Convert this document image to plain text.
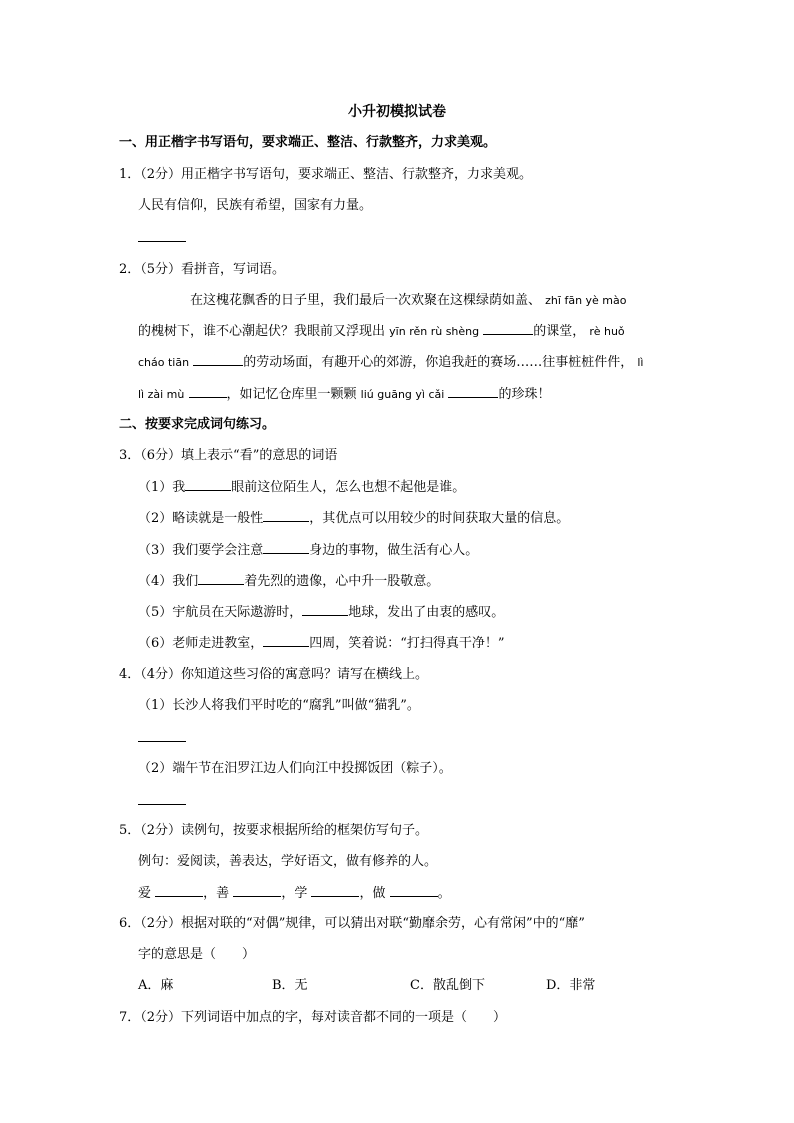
小升初模拟试卷
一、用正楷字书写语句，要求端正、整洁、行款整齐，力求美观。
1．（2分）用正楷字书写语句，要求端正、整洁、行款整齐，力求美观。
人民有信仰，民族有希望，国家有力量。
2．（5分）看拼音，写词语。
在这槐花飘香的日子里，我们最后一次欢聚在这棵绿荫如盖、 zhī fān yè mào
的槐树下，谁不心潮起伏？我眼前又浮现出 yīn rěn rù shèng	的课堂， rè huǒ
cháo tiān	的劳动场面，有趣开心的郊游，你追我赶的赛场……往事桩桩件件， lì
lì zài mù	，如记忆仓库里一颗颗 liú guāng yì cǎi	的珍珠！
二、按要求完成词句练习。
3．（6分）填上表示“看”的意思的词语
（1）我	眼前这位陌生人，怎么也想不起他是谁。
（2）略读就是一般性	，其优点可以用较少的时间获取大量的信息。
（3）我们要学会注意	身边的事物，做生活有心人。
（4）我们	着先烈的遗像，心中升一股敬意。
（5）宇航员在天际遨游时，	地球，发出了由衷的感叹。
（6）老师走进教室，	四周，笑着说：“打扫得真干净！”
4．（4分）你知道这些习俗的寓意吗？请写在横线上。
（1）长沙人将我们平时吃的“腐乳”叫做“猫乳”。
（2）端午节在汨罗江边人们向江中投掷饭团（粽子）。
5．（2分）读例句，按要求根据所给的框架仿写句子。
例句：爱阅读，善表达，学好语文，做有修养的人。
爱	，善	，学	，做	。
6．（2分）根据对联的“对偶”规律，可以猜出对联“勤靡余劳，心有常闲”中的“靡”
字的意思是（　　）
A．麻	B．无	C．散乱倒下	D．非常
7．（2分）下列词语中加点的字，每对读音都不同的一项是（　　）
